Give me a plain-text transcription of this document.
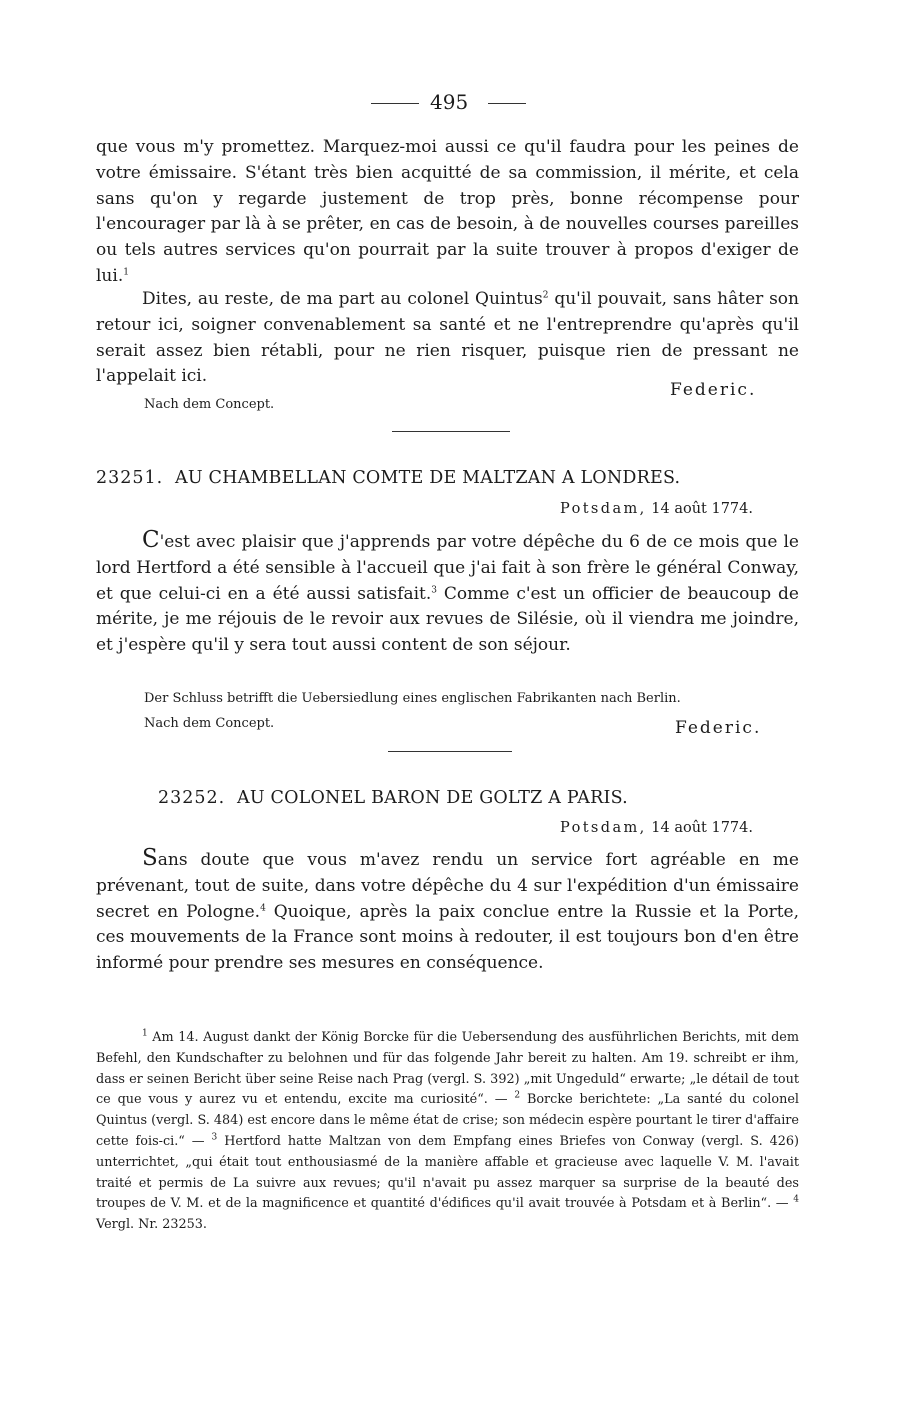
495
que vous m'y promettez. Marquez-moi aussi ce qu'il faudra pour les peines de votre émissaire. S'étant très bien acquitté de sa commission, il mérite, et cela sans qu'on y regarde justement de trop près, bonne récompense pour l'encourager par là à se prêter, en cas de besoin, à de nouvelles courses pareilles ou tels autres services qu'on pourrait par la suite trouver à propos d'exiger de lui.$^1$
Dites, au reste, de ma part au colonel Quintus$^2$ qu'il pouvait, sans hâter son retour ici, soigner convenablement sa santé et ne l'entreprendre qu'après qu'il serait assez bien rétabli, pour ne rien risquer, puisque rien de pressant ne l'appelait ici.
Federic.
Nach dem Concept.
23251. AU CHAMBELLAN COMTE DE MALTZAN A LONDRES.
Potsdam, 14 août 1774.
C'est avec plaisir que j'apprends par votre dépêche du 6 de ce mois que le lord Hertford a été sensible à l'accueil que j'ai fait à son frère le général Conway, et que celui-ci en a été aussi satisfait.$^3$ Comme c'est un officier de beaucoup de mérite, je me réjouis de le revoir aux revues de Silésie, où il viendra me joindre, et j'espère qu'il y sera tout aussi content de son séjour.
Der Schluss betrifft die Uebersiedlung eines englischen Fabrikanten nach Berlin.
Nach dem Concept.	Federic.
23252. AU COLONEL BARON DE GOLTZ A PARIS.
Potsdam, 14 août 1774.
Sans doute que vous m'avez rendu un service fort agréable en me prévenant, tout de suite, dans votre dépêche du 4 sur l'expédition d'un émissaire secret en Pologne.$^4$ Quoique, après la paix conclue entre la Russie et la Porte, ces mouvements de la France sont moins à redouter, il est toujours bon d'en être informé pour prendre ses mesures en conséquence.
$^1$ Am 14. August dankt der König Borcke für die Uebersendung des ausführlichen Berichts, mit dem Befehl, den Kundschafter zu belohnen und für das folgende Jahr bereit zu halten. Am 19. schreibt er ihm, dass er seinen Bericht über seine Reise nach Prag (vergl. S. 392) „mit Ungeduld“ erwarte; „le détail de tout ce que vous y aurez vu et entendu, excite ma curiosité“. — $^2$ Borcke berichtete: „La santé du colonel Quintus (vergl. S. 484) est encore dans le même état de crise; son médecin espère pourtant le tirer d'affaire cette fois-ci.“ — $^3$ Hertford hatte Maltzan von dem Empfang eines Briefes von Conway (vergl. S. 426) unterrichtet, „qui était tout enthousiasmé de la manière affable et gracieuse avec laquelle V. M. l'avait traité et permis de La suivre aux revues; qu'il n'avait pu assez marquer sa surprise de la beauté des troupes de V. M. et de la magnificence et quantité d'édifices qu'il avait trouvée à Potsdam et à Berlin“. — $^4$ Vergl. Nr. 23253.
